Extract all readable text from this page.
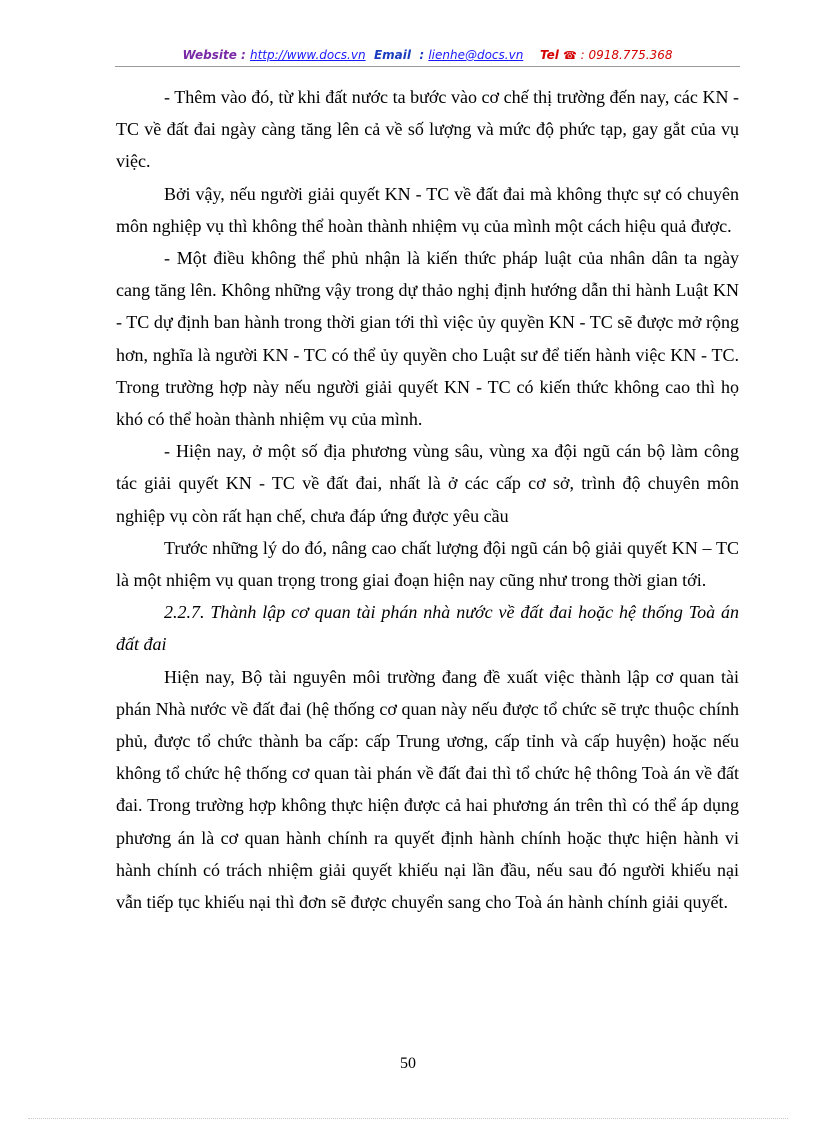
Website : http://www.docs.vn Email  : lienhe@docs.vn Tel ☎ : 0918.775.368

- Thêm vào đó, từ khi đất nước ta bước vào cơ chế thị trường đến nay, các KN - TC về đất đai ngày càng tăng lên cả về số lượng và mức độ phức tạp, gay gắt của vụ việc.

Bởi vậy, nếu người giải quyết KN - TC về đất đai mà không thực sự có chuyên môn nghiệp vụ thì không thể hoàn thành nhiệm vụ của mình một cách hiệu quả được.

- Một điều không thể phủ nhận là kiến thức pháp luật của nhân dân ta ngày cang tăng lên. Không những vậy trong dự thảo nghị định hướng dẫn thi hành Luật KN - TC dự định ban hành trong thời gian tới thì việc ủy quyền KN - TC sẽ được mở rộng hơn, nghĩa là người KN - TC có thể ủy quyền cho Luật sư để tiến hành việc KN - TC. Trong trường hợp này nếu người giải quyết KN - TC có kiến thức không cao thì họ khó có thể hoàn thành nhiệm vụ của mình.

- Hiện nay, ở một số địa phương vùng sâu, vùng xa đội ngũ cán bộ làm công tác giải quyết KN - TC về đất đai, nhất là ở các cấp cơ sở, trình độ chuyên môn nghiệp vụ còn rất hạn chế, chưa đáp ứng được yêu cầu

Trước những lý do đó, nâng cao chất lượng đội ngũ cán bộ giải quyết KN – TC là một nhiệm vụ quan trọng trong giai đoạn hiện nay cũng như trong thời gian tới.

2.2.7. Thành lập cơ quan tài phán nhà nước về đất đai hoặc hệ thống Toà án đất đai

Hiện nay, Bộ tài nguyên môi trường đang đề xuất việc thành lập cơ quan tài phán Nhà nước về đất đai (hệ thống cơ quan này nếu được tổ chức sẽ trực thuộc chính phủ, được tổ chức thành ba cấp: cấp Trung ương, cấp tỉnh và cấp huyện) hoặc nếu không tổ chức hệ thống cơ quan tài phán về đất đai thì tổ chức hệ thông Toà án về đất đai. Trong trường hợp không thực hiện được cả hai phương án trên thì có thể áp dụng phương án là cơ quan hành chính ra quyết định hành chính hoặc thực hiện hành vi hành chính có trách nhiệm giải quyết khiếu nại lần đầu, nếu sau đó người khiếu nại vẫn tiếp tục khiếu nại thì đơn sẽ được chuyển sang cho Toà án hành chính giải quyết.

50
